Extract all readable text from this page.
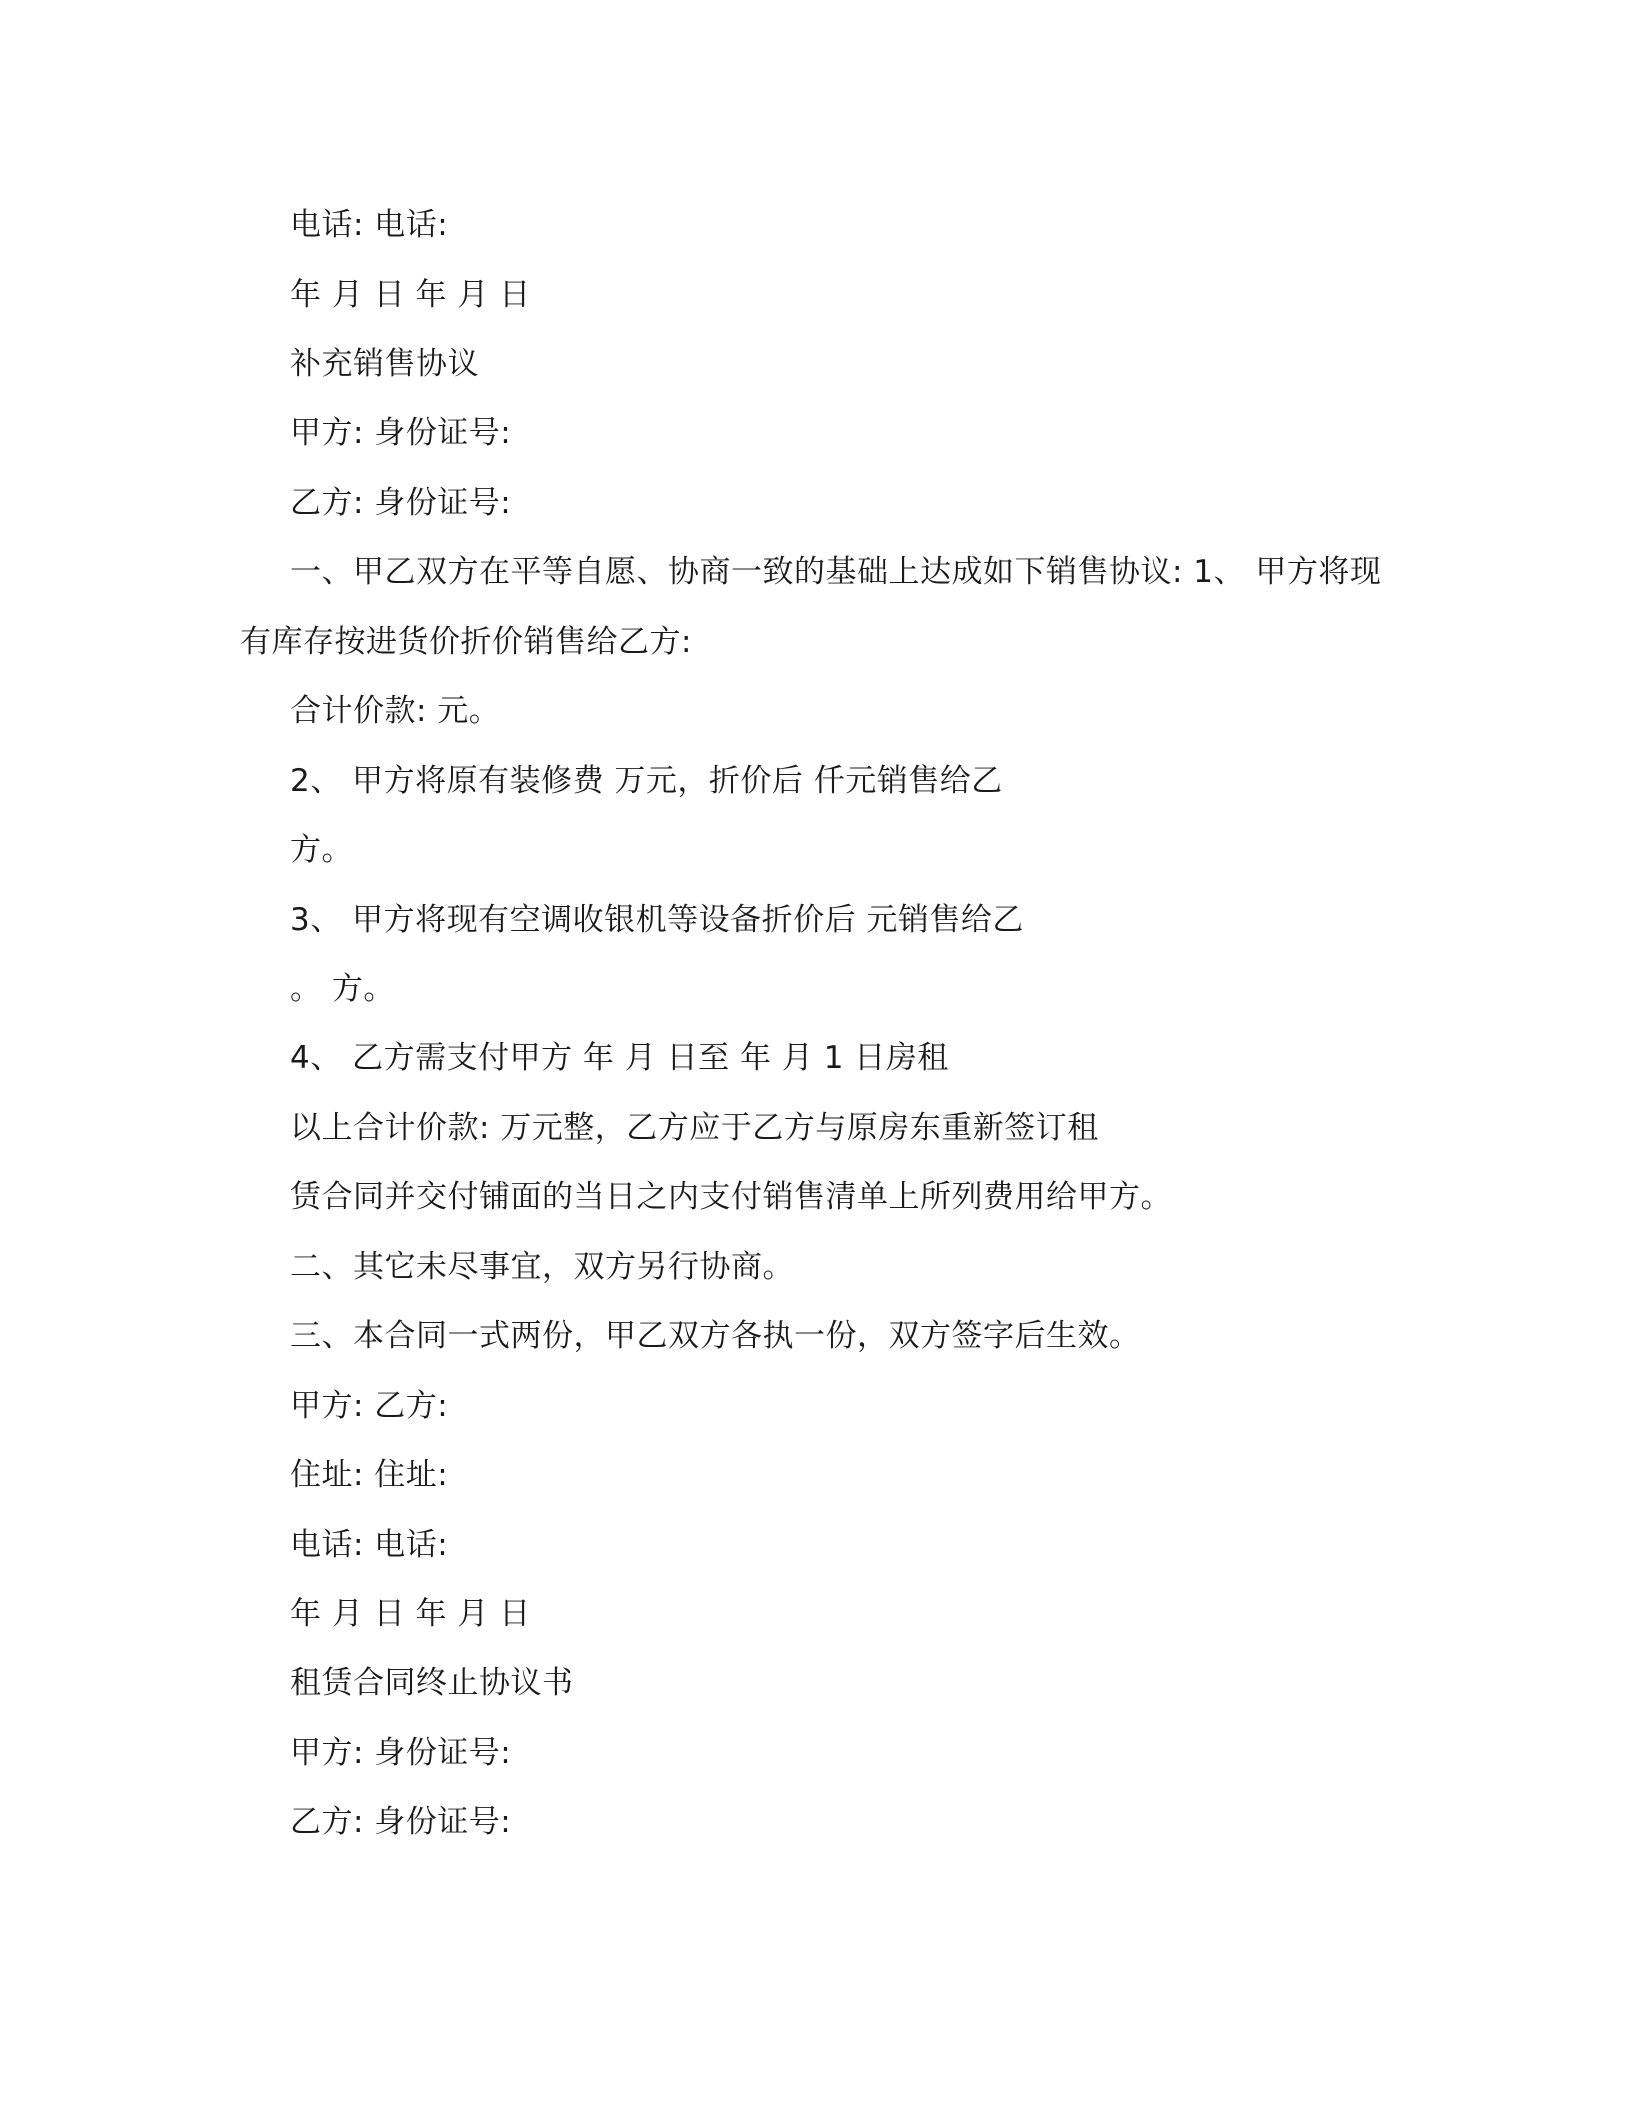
电话: 电话:
年 月 日 年 月 日
补充销售协议
甲方: 身份证号:
乙方: 身份证号:
一、甲乙双方在平等自愿、协商一致的基础上达成如下销售协议: 1、 甲方将现
有库存按进货价折价销售给乙方:
合计价款: 元。
2、 甲方将原有装修费 万元，折价后 仟元销售给乙
方。
3、 甲方将现有空调收银机等设备折价后 元销售给乙
。 方。
4、 乙方需支付甲方 年 月 日至 年 月 1 日房租
以上合计价款: 万元整，乙方应于乙方与原房东重新签订租
赁合同并交付铺面的当日之内支付销售清单上所列费用给甲方。
二、其它未尽事宜，双方另行协商。
三、本合同一式两份，甲乙双方各执一份，双方签字后生效。
甲方: 乙方:
住址: 住址:
电话: 电话:
年 月 日 年 月 日
租赁合同终止协议书
甲方: 身份证号:
乙方: 身份证号:
